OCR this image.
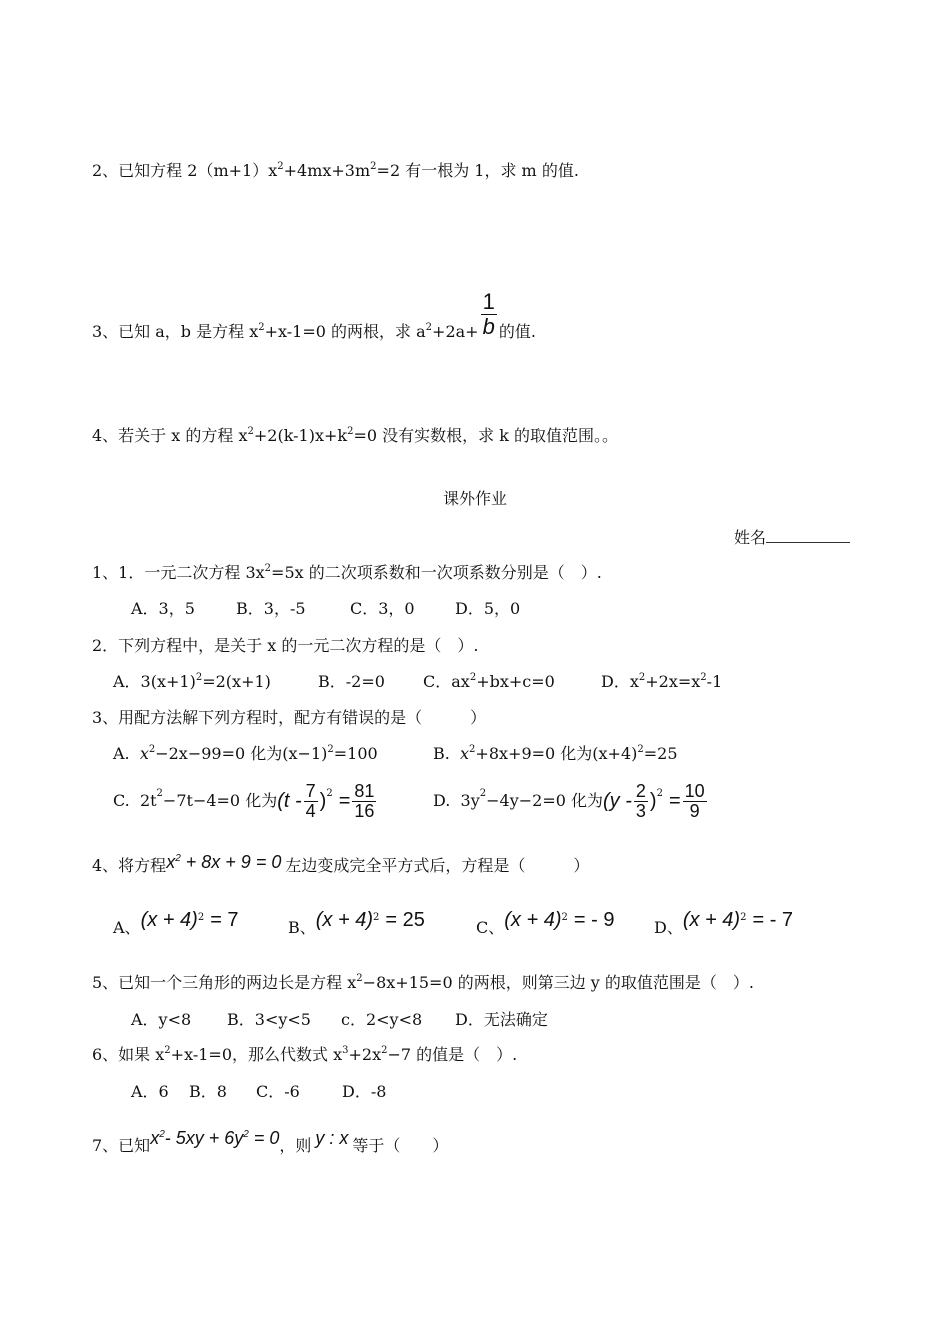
2、已知方程 $2(m+1)x^2+4mx+3m^2=2$ 有一根为 1，求 m 的值.
3、已知 a，b 是方程 $x^2+x-1=0$ 的两根，求 $a^2+2a+ \frac{1}{b}$ 的值.
4、若关于 x 的方程 $x^2+2(k-1)x+k^2=0$ 没有实数根，求 k 的取值范围。。
课外作业
姓名
1、1．一元二次方程 $3x^2=5x$ 的二次项系数和一次项系数分别是（　）.
A．3，5	B．3，-5	C．3，0	D．5，0
2．下列方程中，是关于 x 的一元二次方程的是（　）.
A．$3(x+1)^2=2(x+1)$	B．-2=0 C．$ax^2+bx+c=0$	D．$x^2+2x=x^2-1$
3、用配方法解下列方程时，配方有错误的是（　　　）
A. $x^2-2x-99=0$ 化为$(x-1)^2=100$	B. $x^2+8x+9=0$ 化为$(x+4)^2=25$
C.
2t 2 −7t−4=0 化为 ($t - \frac{7}{4}$ ) $2 = \frac{81}{16}$	D.
3y 2 −4y−2=0 化为 ($y - \frac{2}{3}$ ) $2 = \frac{10}{9}$
4、将方程 $x^2 + 8x + 9 = 0$ 左边变成完全平方式后，方程是（　　　）
A、 (x + 4) 2 = 7	B、 (x + 4) 2 = 25	C、 (x + 4) 2 = - 9 D、 (x + 4) 2 = - 7
5、已知一个三角形的两边长是方程 $x^2-8x+15=0$ 的两根，则第三边 y 的取值范围是（　）.
A．y<8 B．3<y<5 c．2<y<8 D．无法确定
6、如果 $x^2+x-1=0$，那么代数式 $x^3+2x^2-7$ 的值是（　）.
A．6 B．8 C．-6	D．-8
7、已知 $x^2-$ $5xy + 6y^2 = 0$ ，则 y : x 等于（　　）
